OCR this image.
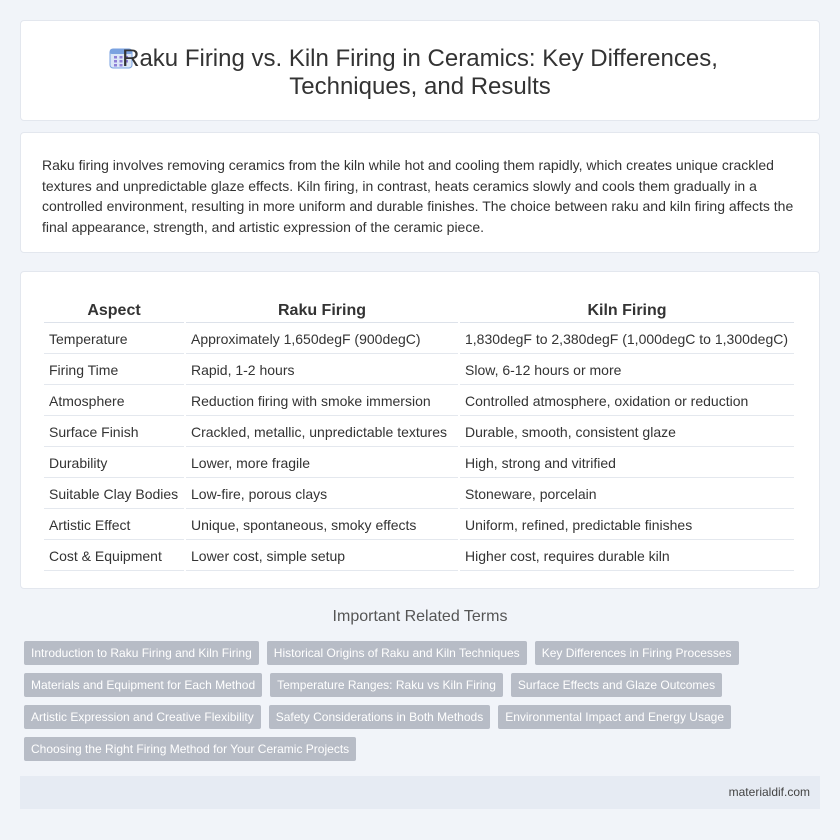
Raku Firing vs. Kiln Firing in Ceramics: Key Differences, Techniques, and Results

Raku firing involves removing ceramics from the kiln while hot and cooling them rapidly, which creates unique crackled textures and unpredictable glaze effects. Kiln firing, in contrast, heats ceramics slowly and cools them gradually in a controlled environment, resulting in more uniform and durable finishes. The choice between raku and kiln firing affects the final appearance, strength, and artistic expression of the ceramic piece.

Aspect	Raku Firing	Kiln Firing
Temperature	Approximately 1,650degF (900degC)	1,830degF to 2,380degF (1,000degC to 1,300degC)
Firing Time	Rapid, 1-2 hours	Slow, 6-12 hours or more
Atmosphere	Reduction firing with smoke immersion	Controlled atmosphere, oxidation or reduction
Surface Finish	Crackled, metallic, unpredictable textures	Durable, smooth, consistent glaze
Durability	Lower, more fragile	High, strong and vitrified
Suitable Clay Bodies	Low-fire, porous clays	Stoneware, porcelain
Artistic Effect	Unique, spontaneous, smoky effects	Uniform, refined, predictable finishes
Cost & Equipment	Lower cost, simple setup	Higher cost, requires durable kiln
Important Related Terms
Introduction to Raku Firing and Kiln Firing	Historical Origins of Raku and Kiln Techniques	Key Differences in Firing Processes
Materials and Equipment for Each Method	Temperature Ranges: Raku vs Kiln Firing	Surface Effects and Glaze Outcomes
Artistic Expression and Creative Flexibility	Safety Considerations in Both Methods	Environmental Impact and Energy Usage
Choosing the Right Firing Method for Your Ceramic Projects
materialdif.com
